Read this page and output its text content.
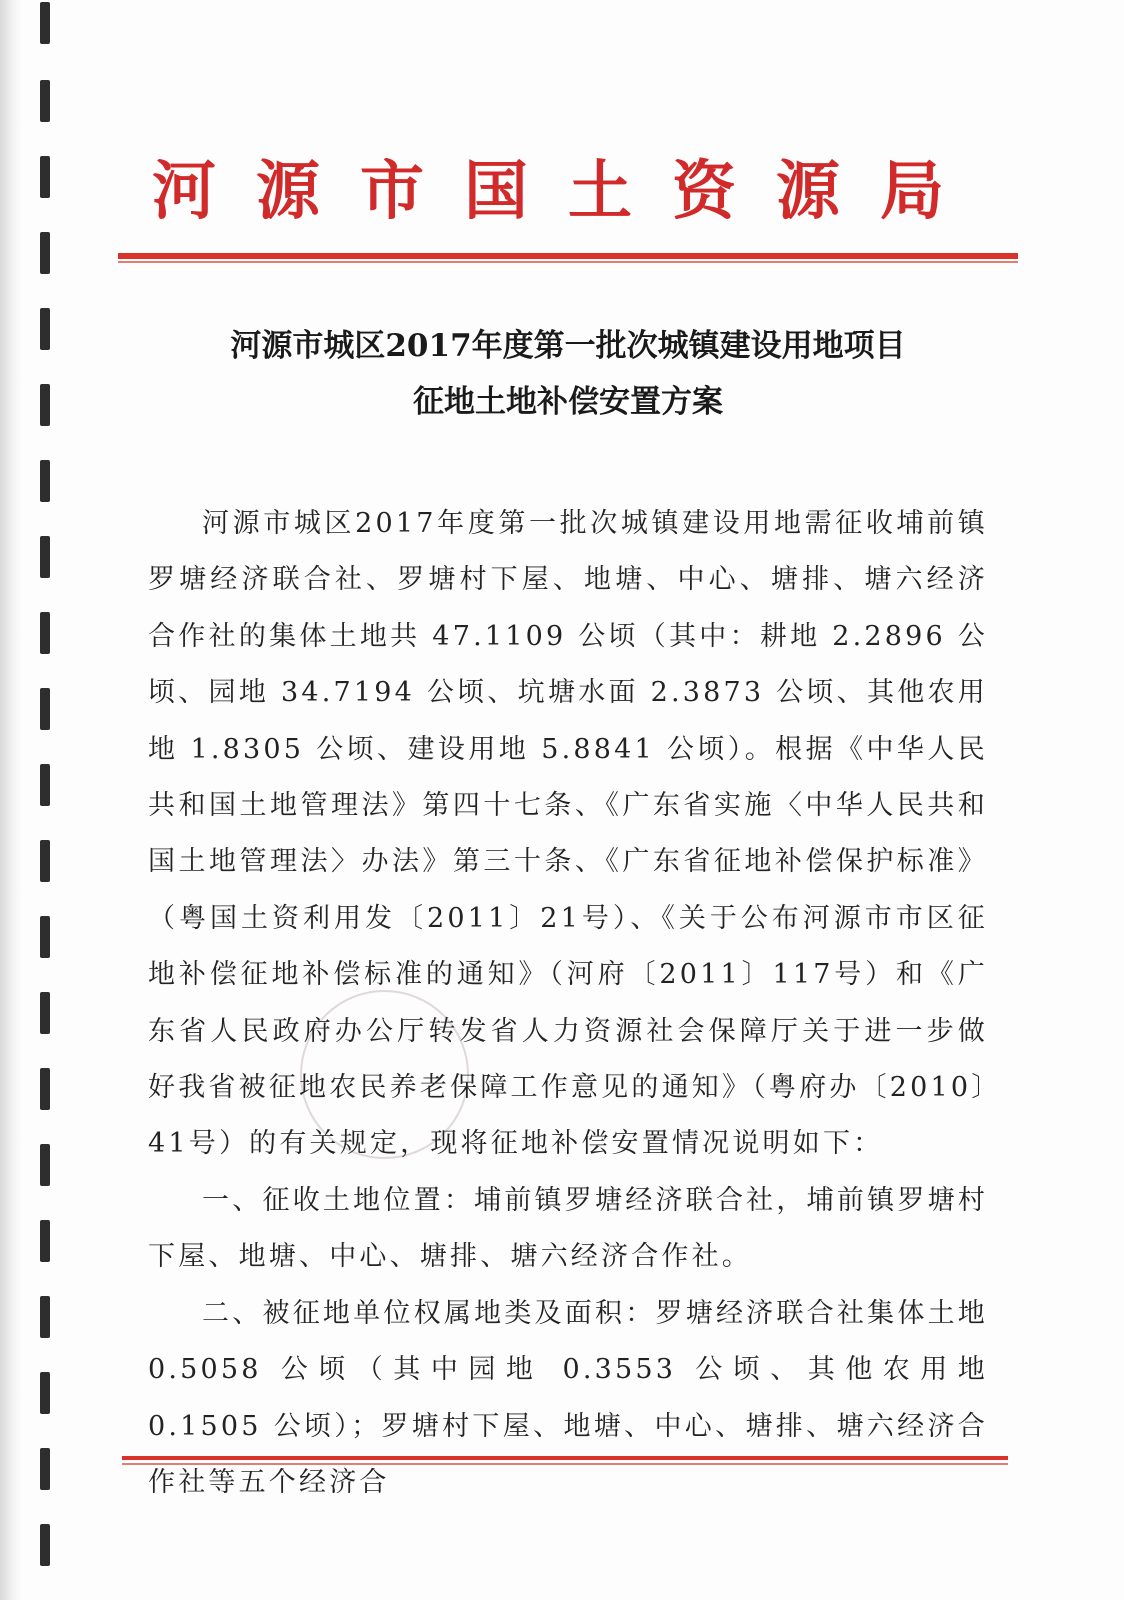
河源市国土资源局
河源市城区2017年度第一批次城镇建设用地项目
征地土地补偿安置方案

河源市城区2017年度第一批次城镇建设用地需征收埔前镇罗塘经济联合社、罗塘村下屋、地塘、中心、塘排、塘六经济合作社的集体土地共 47.1109 公顷（其中：耕地 2.2896 公顷、园地 34.7194 公顷、坑塘水面 2.3873 公顷、其他农用地 1.8305 公顷、建设用地 5.8841 公顷）。根据《中华人民共和国土地管理法》第四十七条、《广东省实施〈中华人民共和国土地管理法〉办法》第三十条、《广东省征地补偿保护标准》（粤国土资利用发〔2011〕21号）、《关于公布河源市市区征地补偿征地补偿标准的通知》（河府〔2011〕117号）和《广东省人民政府办公厅转发省人力资源社会保障厅关于进一步做好我省被征地农民养老保障工作意见的通知》（粤府办〔2010〕41号）的有关规定，现将征地补偿安置情况说明如下：

一、征收土地位置：埔前镇罗塘经济联合社，埔前镇罗塘村下屋、地塘、中心、塘排、塘六经济合作社。

二、被征地单位权属地类及面积：罗塘经济联合社集体土地0.5058 公顷（其中园地 0.3553 公顷、其他农用地 0.1505 公顷）；罗塘村下屋、地塘、中心、塘排、塘六经济合作社等五个经济合
